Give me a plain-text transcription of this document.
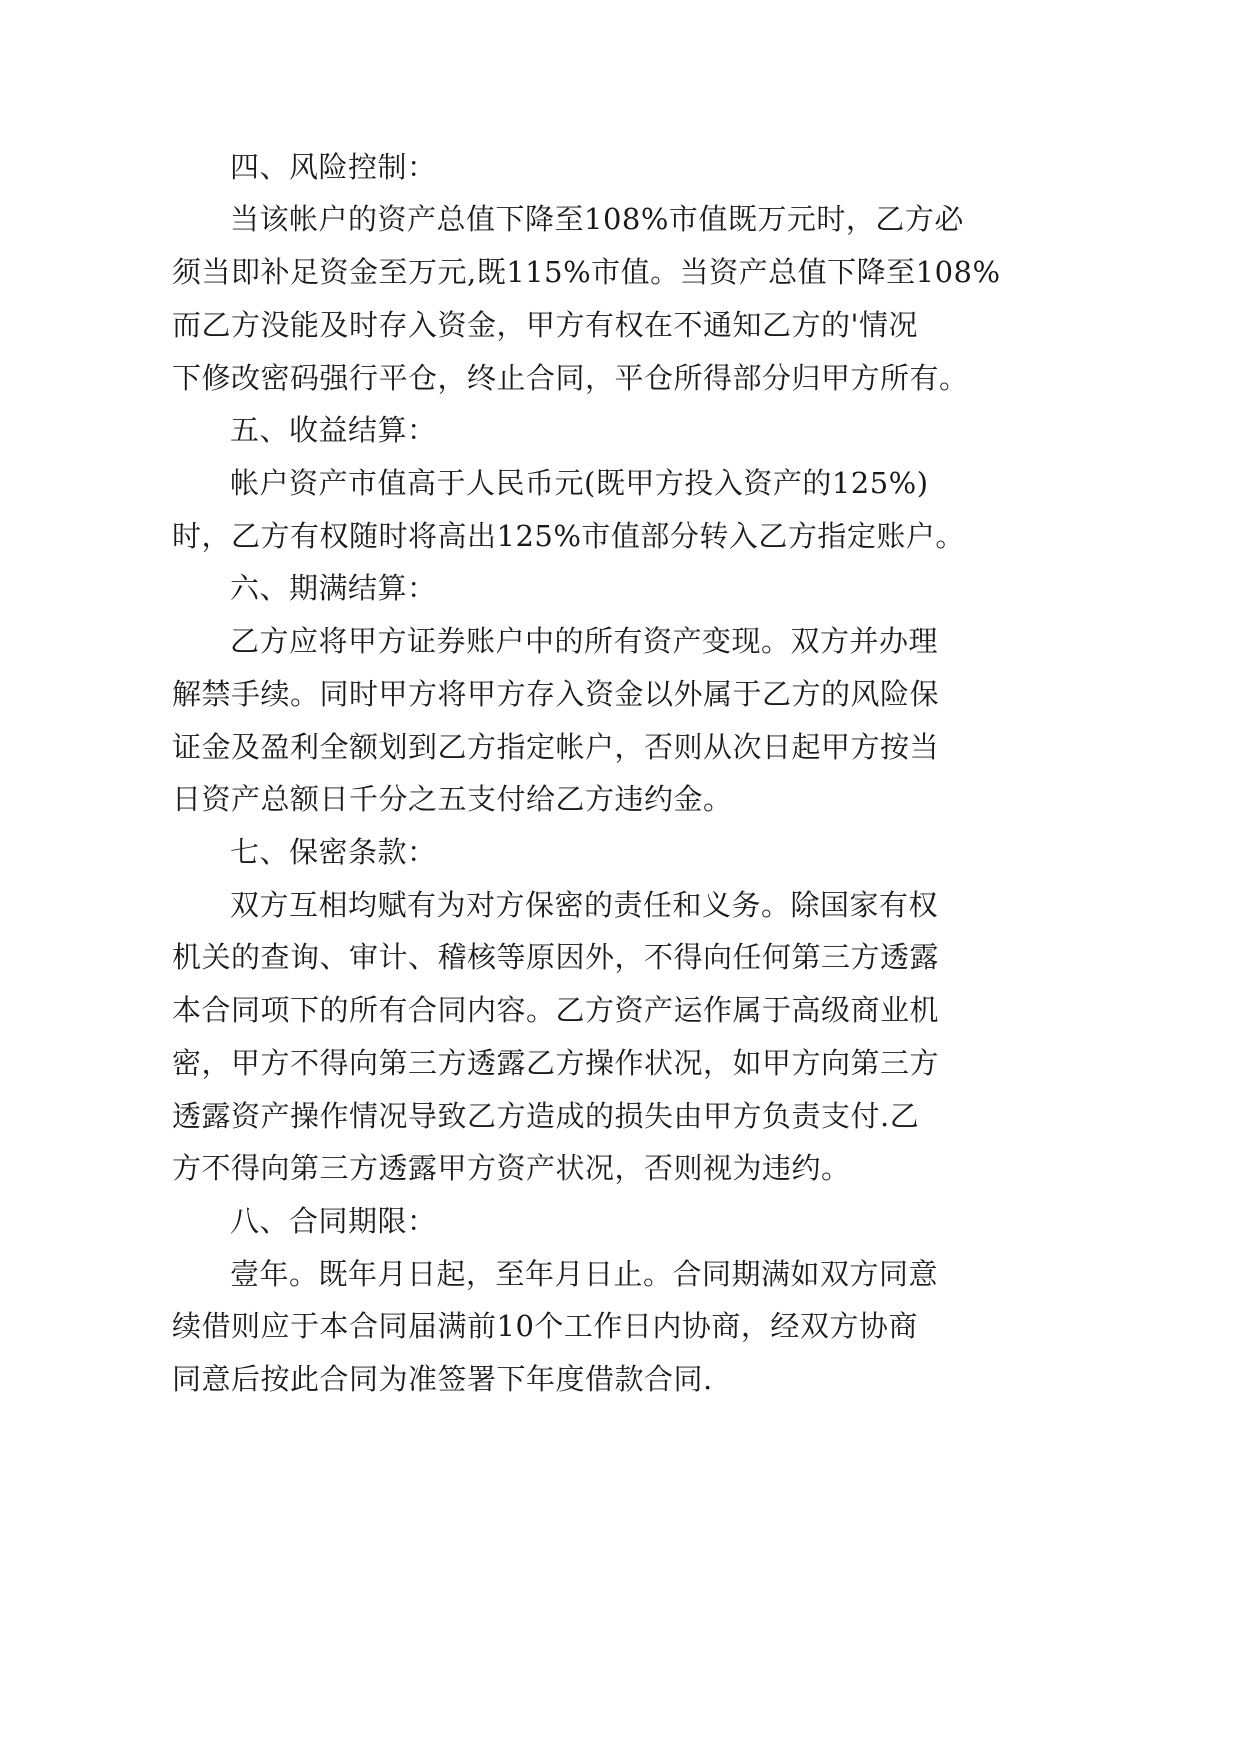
四、风险控制：
当该帐户的资产总值下降至108%市值既万元时，乙方必
须当即补足资金至万元,既115%市值。当资产总值下降至108%
而乙方没能及时存入资金，甲方有权在不通知乙方的'情况
下修改密码强行平仓，终止合同，平仓所得部分归甲方所有。
五、收益结算：
帐户资产市值高于人民币元(既甲方投入资产的125%)
时，乙方有权随时将高出125%市值部分转入乙方指定账户。
六、期满结算：
乙方应将甲方证券账户中的所有资产变现。双方并办理
解禁手续。同时甲方将甲方存入资金以外属于乙方的风险保
证金及盈利全额划到乙方指定帐户，否则从次日起甲方按当
日资产总额日千分之五支付给乙方违约金。
七、保密条款：
双方互相均赋有为对方保密的责任和义务。除国家有权
机关的查询、审计、稽核等原因外，不得向任何第三方透露
本合同项下的所有合同内容。乙方资产运作属于高级商业机
密，甲方不得向第三方透露乙方操作状况，如甲方向第三方
透露资产操作情况导致乙方造成的损失由甲方负责支付.乙
方不得向第三方透露甲方资产状况，否则视为违约。
八、合同期限：
壹年。既年月日起，至年月日止。合同期满如双方同意
续借则应于本合同届满前10个工作日内协商，经双方协商
同意后按此合同为准签署下年度借款合同.
